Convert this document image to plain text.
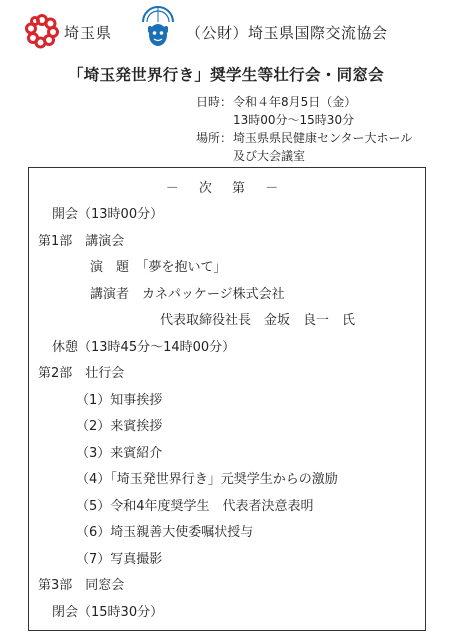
埼玉県	（公財）埼玉県国際交流協会
「埼玉発世界行き」奨学生等壮行会・同窓会
日時： 令和４年8月5日（金）
13時00分～15時30分
場所： 埼玉県県民健康センター大ホール
及び大会議室
－ 次 第 －
開会（13時00分）
第1部　講演会
演　題　「夢を抱いて」
講演者　カネパッケージ株式会社
代表取締役社長　金坂　良一　氏
休憩（13時45分～14時00分）
第2部　壮行会
（1）知事挨拶
（2）来賓挨拶
（3）来賓紹介
（4）「埼玉発世界行き」元奨学生からの激励
（5）令和4年度奨学生　代表者決意表明
（6）埼玉親善大使委嘱状授与
（7）写真撮影
第3部　同窓会
閉会（15時30分）
